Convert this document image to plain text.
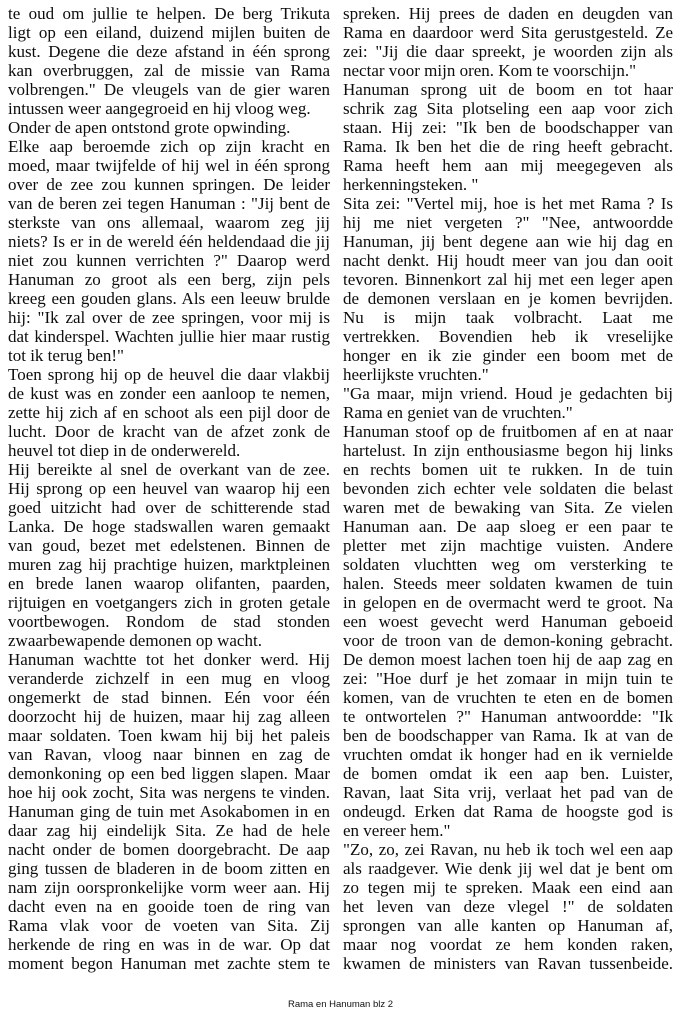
te oud om jullie te helpen. De berg Trikuta
ligt op een eiland, duizend mijlen buiten de
kust. Degene die deze afstand in één sprong
kan overbruggen, zal de missie van Rama
volbrengen." De vleugels van de gier waren
intussen weer aangegroeid en hij vloog weg.
Onder de apen ontstond grote opwinding.
Elke aap beroemde zich op zijn kracht en
moed, maar twijfelde of hij wel in één sprong
over de zee zou kunnen springen. De leider
van de beren zei tegen Hanuman : "Jij bent de
sterkste van ons allemaal, waarom zeg jij
niets? Is er in de wereld één heldendaad die jij
niet zou kunnen verrichten ?" Daarop werd
Hanuman zo groot als een berg, zijn pels
kreeg een gouden glans. Als een leeuw brulde
hij: "Ik zal over de zee springen, voor mij is
dat kinderspel. Wachten jullie hier maar rustig
tot ik terug ben!"
Toen sprong hij op de heuvel die daar vlakbij
de kust was en zonder een aanloop te nemen,
zette hij zich af en schoot als een pijl door de
lucht. Door de kracht van de afzet zonk de
heuvel tot diep in de onderwereld.
Hij bereikte al snel de overkant van de zee.
Hij sprong op een heuvel van waarop hij een
goed uitzicht had over de schitterende stad
Lanka. De hoge stadswallen waren gemaakt
van goud, bezet met edelstenen. Binnen de
muren zag hij prachtige huizen, marktpleinen
en brede lanen waarop olifanten, paarden,
rijtuigen en voetgangers zich in groten getale
voortbewogen. Rondom de stad stonden
zwaarbewapende demonen op wacht.
Hanuman wachtte tot het donker werd. Hij
veranderde zichzelf in een mug en vloog
ongemerkt de stad binnen. Eén voor één
doorzocht hij de huizen, maar hij zag alleen
maar soldaten. Toen kwam hij bij het paleis
van Ravan, vloog naar binnen en zag de
demonkoning op een bed liggen slapen. Maar
hoe hij ook zocht, Sita was nergens te vinden.
Hanuman ging de tuin met Asokabomen in en
daar zag hij eindelijk Sita. Ze had de hele
nacht onder de bomen doorgebracht. De aap
ging tussen de bladeren in de boom zitten en
nam zijn oorspronkelijke vorm weer aan. Hij
dacht even na en gooide toen de ring van
Rama vlak voor de voeten van Sita. Zij
herkende de ring en was in de war. Op dat
moment begon Hanuman met zachte stem te
spreken. Hij prees de daden en deugden van
Rama en daardoor werd Sita gerustgesteld. Ze
zei: "Jij die daar spreekt, je woorden zijn als
nectar voor mijn oren. Kom te voorschijn."
Hanuman sprong uit de boom en tot haar
schrik zag Sita plotseling een aap voor zich
staan. Hij zei: "Ik ben de boodschapper van
Rama. Ik ben het die de ring heeft gebracht.
Rama heeft hem aan mij meegegeven als
herkenningsteken. "
Sita zei: "Vertel mij, hoe is het met Rama ? Is
hij me niet vergeten ?" "Nee, antwoordde
Hanuman, jij bent degene aan wie hij dag en
nacht denkt. Hij houdt meer van jou dan ooit
tevoren. Binnenkort zal hij met een leger apen
de demonen verslaan en je komen bevrijden.
Nu is mijn taak volbracht. Laat me
vertrekken. Bovendien heb ik vreselijke
honger en ik zie ginder een boom met de
heerlijkste vruchten."
"Ga maar, mijn vriend. Houd je gedachten bij
Rama en geniet van de vruchten."
Hanuman stoof op de fruitbomen af en at naar
hartelust. In zijn enthousiasme begon hij links
en rechts bomen uit te rukken. In de tuin
bevonden zich echter vele soldaten die belast
waren met de bewaking van Sita. Ze vielen
Hanuman aan. De aap sloeg er een paar te
pletter met zijn machtige vuisten. Andere
soldaten vluchtten weg om versterking te
halen. Steeds meer soldaten kwamen de tuin
in gelopen en de overmacht werd te groot. Na
een woest gevecht werd Hanuman geboeid
voor de troon van de demon-koning gebracht.
De demon moest lachen toen hij de aap zag en
zei: "Hoe durf je het zomaar in mijn tuin te
komen, van de vruchten te eten en de bomen
te ontwortelen ?" Hanuman antwoordde: "Ik
ben de boodschapper van Rama. Ik at van de
vruchten omdat ik honger had en ik vernielde
de bomen omdat ik een aap ben. Luister,
Ravan, laat Sita vrij, verlaat het pad van de
ondeugd. Erken dat Rama de hoogste god is
en vereer hem."
"Zo, zo, zei Ravan, nu heb ik toch wel een aap
als raadgever. Wie denk jij wel dat je bent om
zo tegen mij te spreken. Maak een eind aan
het leven van deze vlegel !" de soldaten
sprongen van alle kanten op Hanuman af,
maar nog voordat ze hem konden raken,
kwamen de ministers van Ravan tussenbeide.
Rama en Hanuman blz 2
